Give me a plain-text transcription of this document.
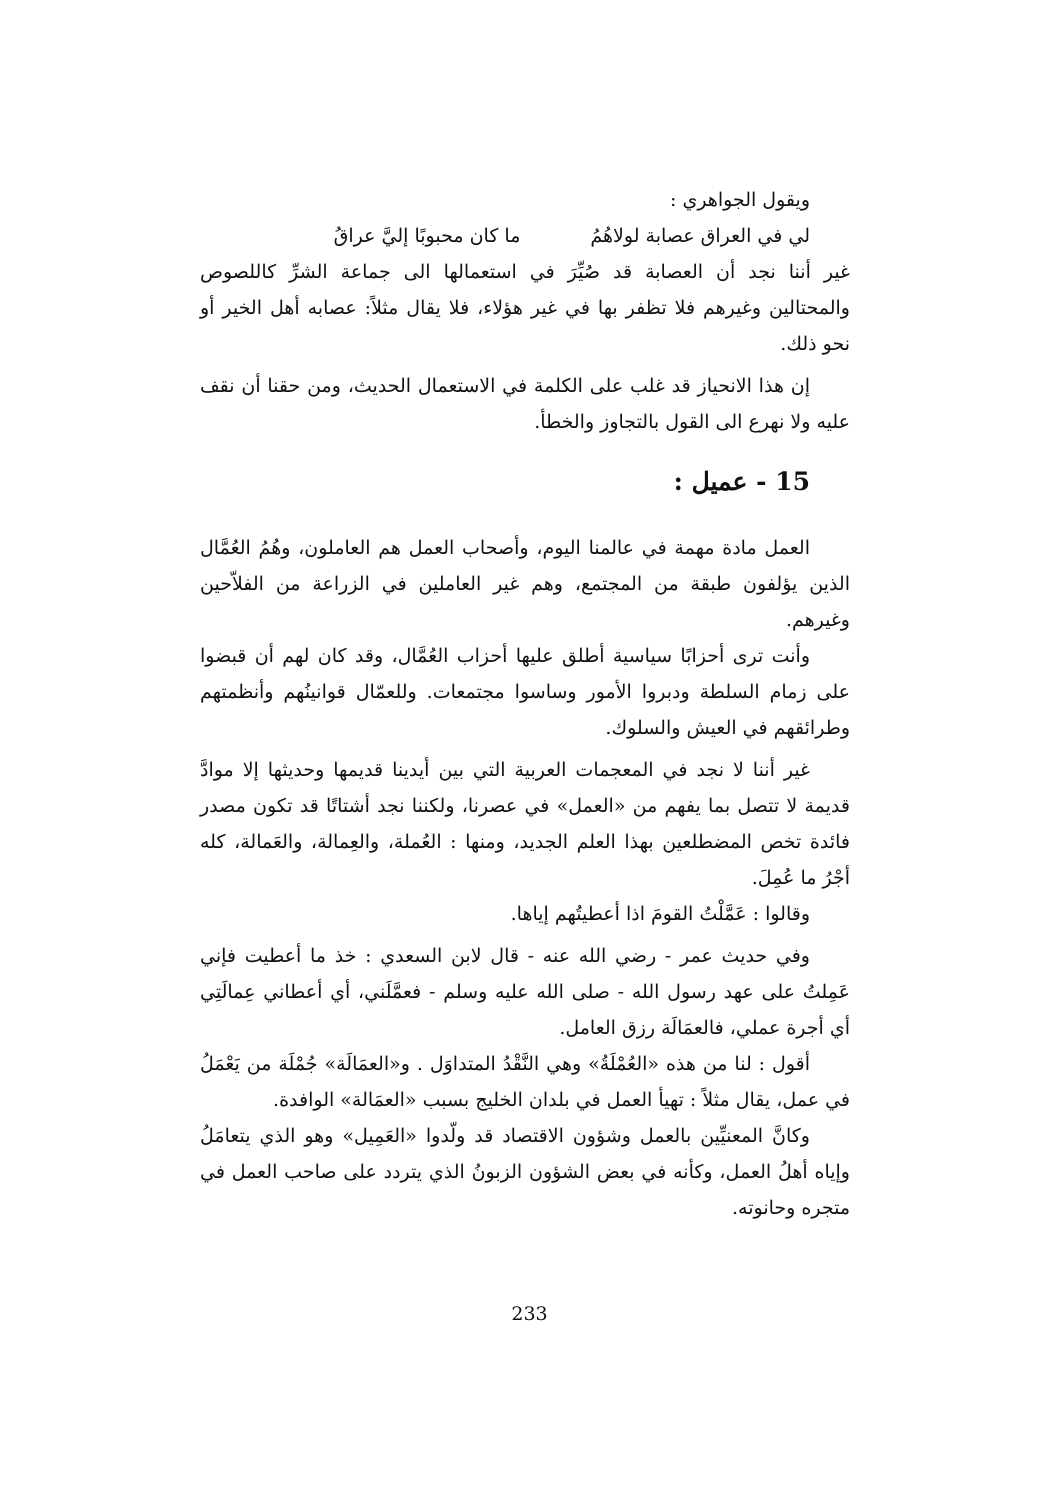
ويقول الجواهري :

لي في العراق عصابة لولاهُمُ
ما كان محبوبًا إليَّ عراقُ

غير أننا نجد أن العصابة قد صُيِّرَ في استعمالها الى جماعة الشرِّ كاللصوص والمحتالين وغيرهم فلا تظفر بها في غير هؤلاء، فلا يقال مثلاً: عصابه أهل الخير أو نحو ذلك.

إن هذا الانحياز قد غلب على الكلمة في الاستعمال الحديث، ومن حقنا أن نقف عليه ولا نهرع الى القول بالتجاوز والخطأ.

15 - عميل :

العمل مادة مهمة في عالمنا اليوم، وأصحاب العمل هم العاملون، وهُمُ العُمَّال الذين يؤلفون طبقة من المجتمع، وهم غير العاملين في الزراعة من الفلاّحين وغيرهم.

وأنت ترى أحزابًا سياسية أطلق عليها أحزاب العُمَّال، وقد كان لهم أن قبضوا على زمام السلطة ودبروا الأمور وساسوا مجتمعات. وللعمّال قوانينُهم وأنظمتهم وطرائقهم في العيش والسلوك.

غير أننا لا نجد في المعجمات العربية التي بين أيدينا قديمها وحديثها إلا موادَّ قديمة لا تتصل بما يفهم من «العمل» في عصرنا، ولكننا نجد أشتاتًا قد تكون مصدر فائدة تخص المضطلعين بهذا العلم الجديد، ومنها : العُملة، والعِمالة، والعَمالة، كله أجْرُ ما عُمِلَ.

وقالوا : عَمَّلْتُ القومَ اذا أعطيتُهم إياها.

وفي حديث عمر - رضي الله عنه - قال لابن السعدي : خذ ما أعطيت فإني عَمِلتُ على عهد رسول الله - صلى الله عليه وسلم - فعمَّلَني، أي أعطاني عِمالَتِي أي أجرة عملي، فالعمَالَة رزق العامل.

أقول : لنا من هذه «العُمْلَةُ» وهي النَّقْدُ المتداوَل . و«العمَالَة» جُمْلَة من يَعْمَلُ في عمل، يقال مثلاً : تهيأ العمل في بلدان الخليج بسبب «العمَالة» الوافدة.

وكانَّ المعنيِّين بالعمل وشؤون الاقتصاد قد ولّدوا «العَمِيل» وهو الذي يتعامَلُ وإياه أهلُ العمل، وكأنه في بعض الشؤون الزبونُ الذي يتردد على صاحب العمل في متجره وحانوته.

233
